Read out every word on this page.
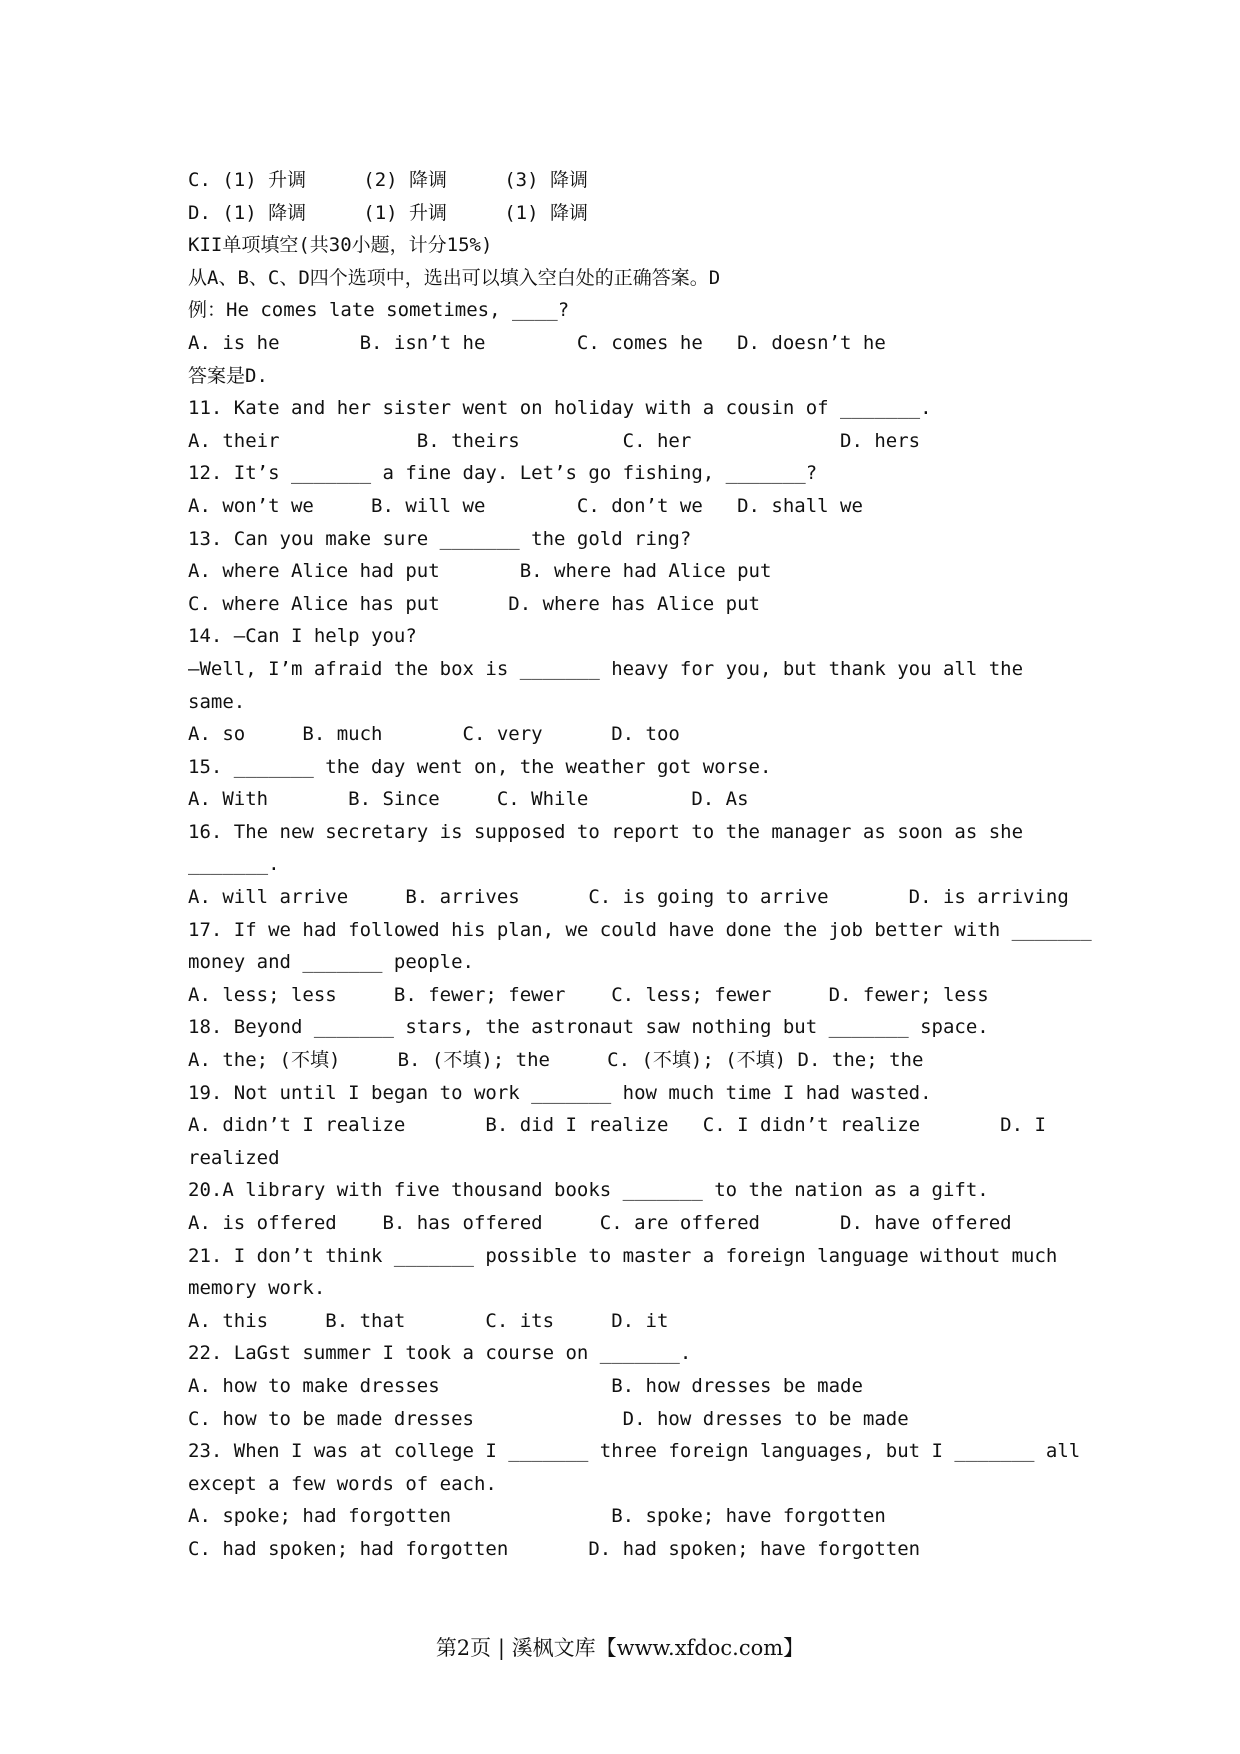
C. (1) 升调     (2) 降调     (3) 降调
D. (1) 降调     (1) 升调     (1) 降调
KII单项填空(共30小题，计分15%)
从A、B、C、D四个选项中，选出可以填入空白处的正确答案。D
例：He comes late sometimes, ____?
A. is he       B. isn’t he        C. comes he   D. doesn’t he
答案是D.
11. Kate and her sister went on holiday with a cousin of _______.
A. their            B. theirs         C. her             D. hers
12. It’s _______ a fine day. Let’s go fishing, _______?
A. won’t we     B. will we        C. don’t we   D. shall we
13. Can you make sure _______ the gold ring?
A. where Alice had put       B. where had Alice put
C. where Alice has put      D. where has Alice put
14. —Can I help you?
—Well, I’m afraid the box is _______ heavy for you, but thank you all the
same.
A. so     B. much       C. very      D. too
15. _______ the day went on, the weather got worse.
A. With       B. Since     C. While         D. As
16. The new secretary is supposed to report to the manager as soon as she
_______.
A. will arrive     B. arrives      C. is going to arrive       D. is arriving
17. If we had followed his plan, we could have done the job better with _______
money and _______ people.
A. less; less     B. fewer; fewer    C. less; fewer     D. fewer; less
18. Beyond _______ stars, the astronaut saw nothing but _______ space.
A. the; (不填)     B. (不填); the     C. (不填); (不填) D. the; the
19. Not until I began to work _______ how much time I had wasted.
A. didn’t I realize       B. did I realize   C. I didn’t realize       D. I
realized
20.A library with five thousand books _______ to the nation as a gift.
A. is offered    B. has offered     C. are offered       D. have offered
21. I don’t think _______ possible to master a foreign language without much
memory work.
A. this     B. that       C. its     D. it
22. LaGst summer I took a course on _______.
A. how to make dresses               B. how dresses be made
C. how to be made dresses             D. how dresses to be made
23. When I was at college I _______ three foreign languages, but I _______ all
except a few words of each.
A. spoke; had forgotten              B. spoke; have forgotten
C. had spoken; had forgotten       D. had spoken; have forgotten
第2页 | 溪枫文库【www.xfdoc.com】
